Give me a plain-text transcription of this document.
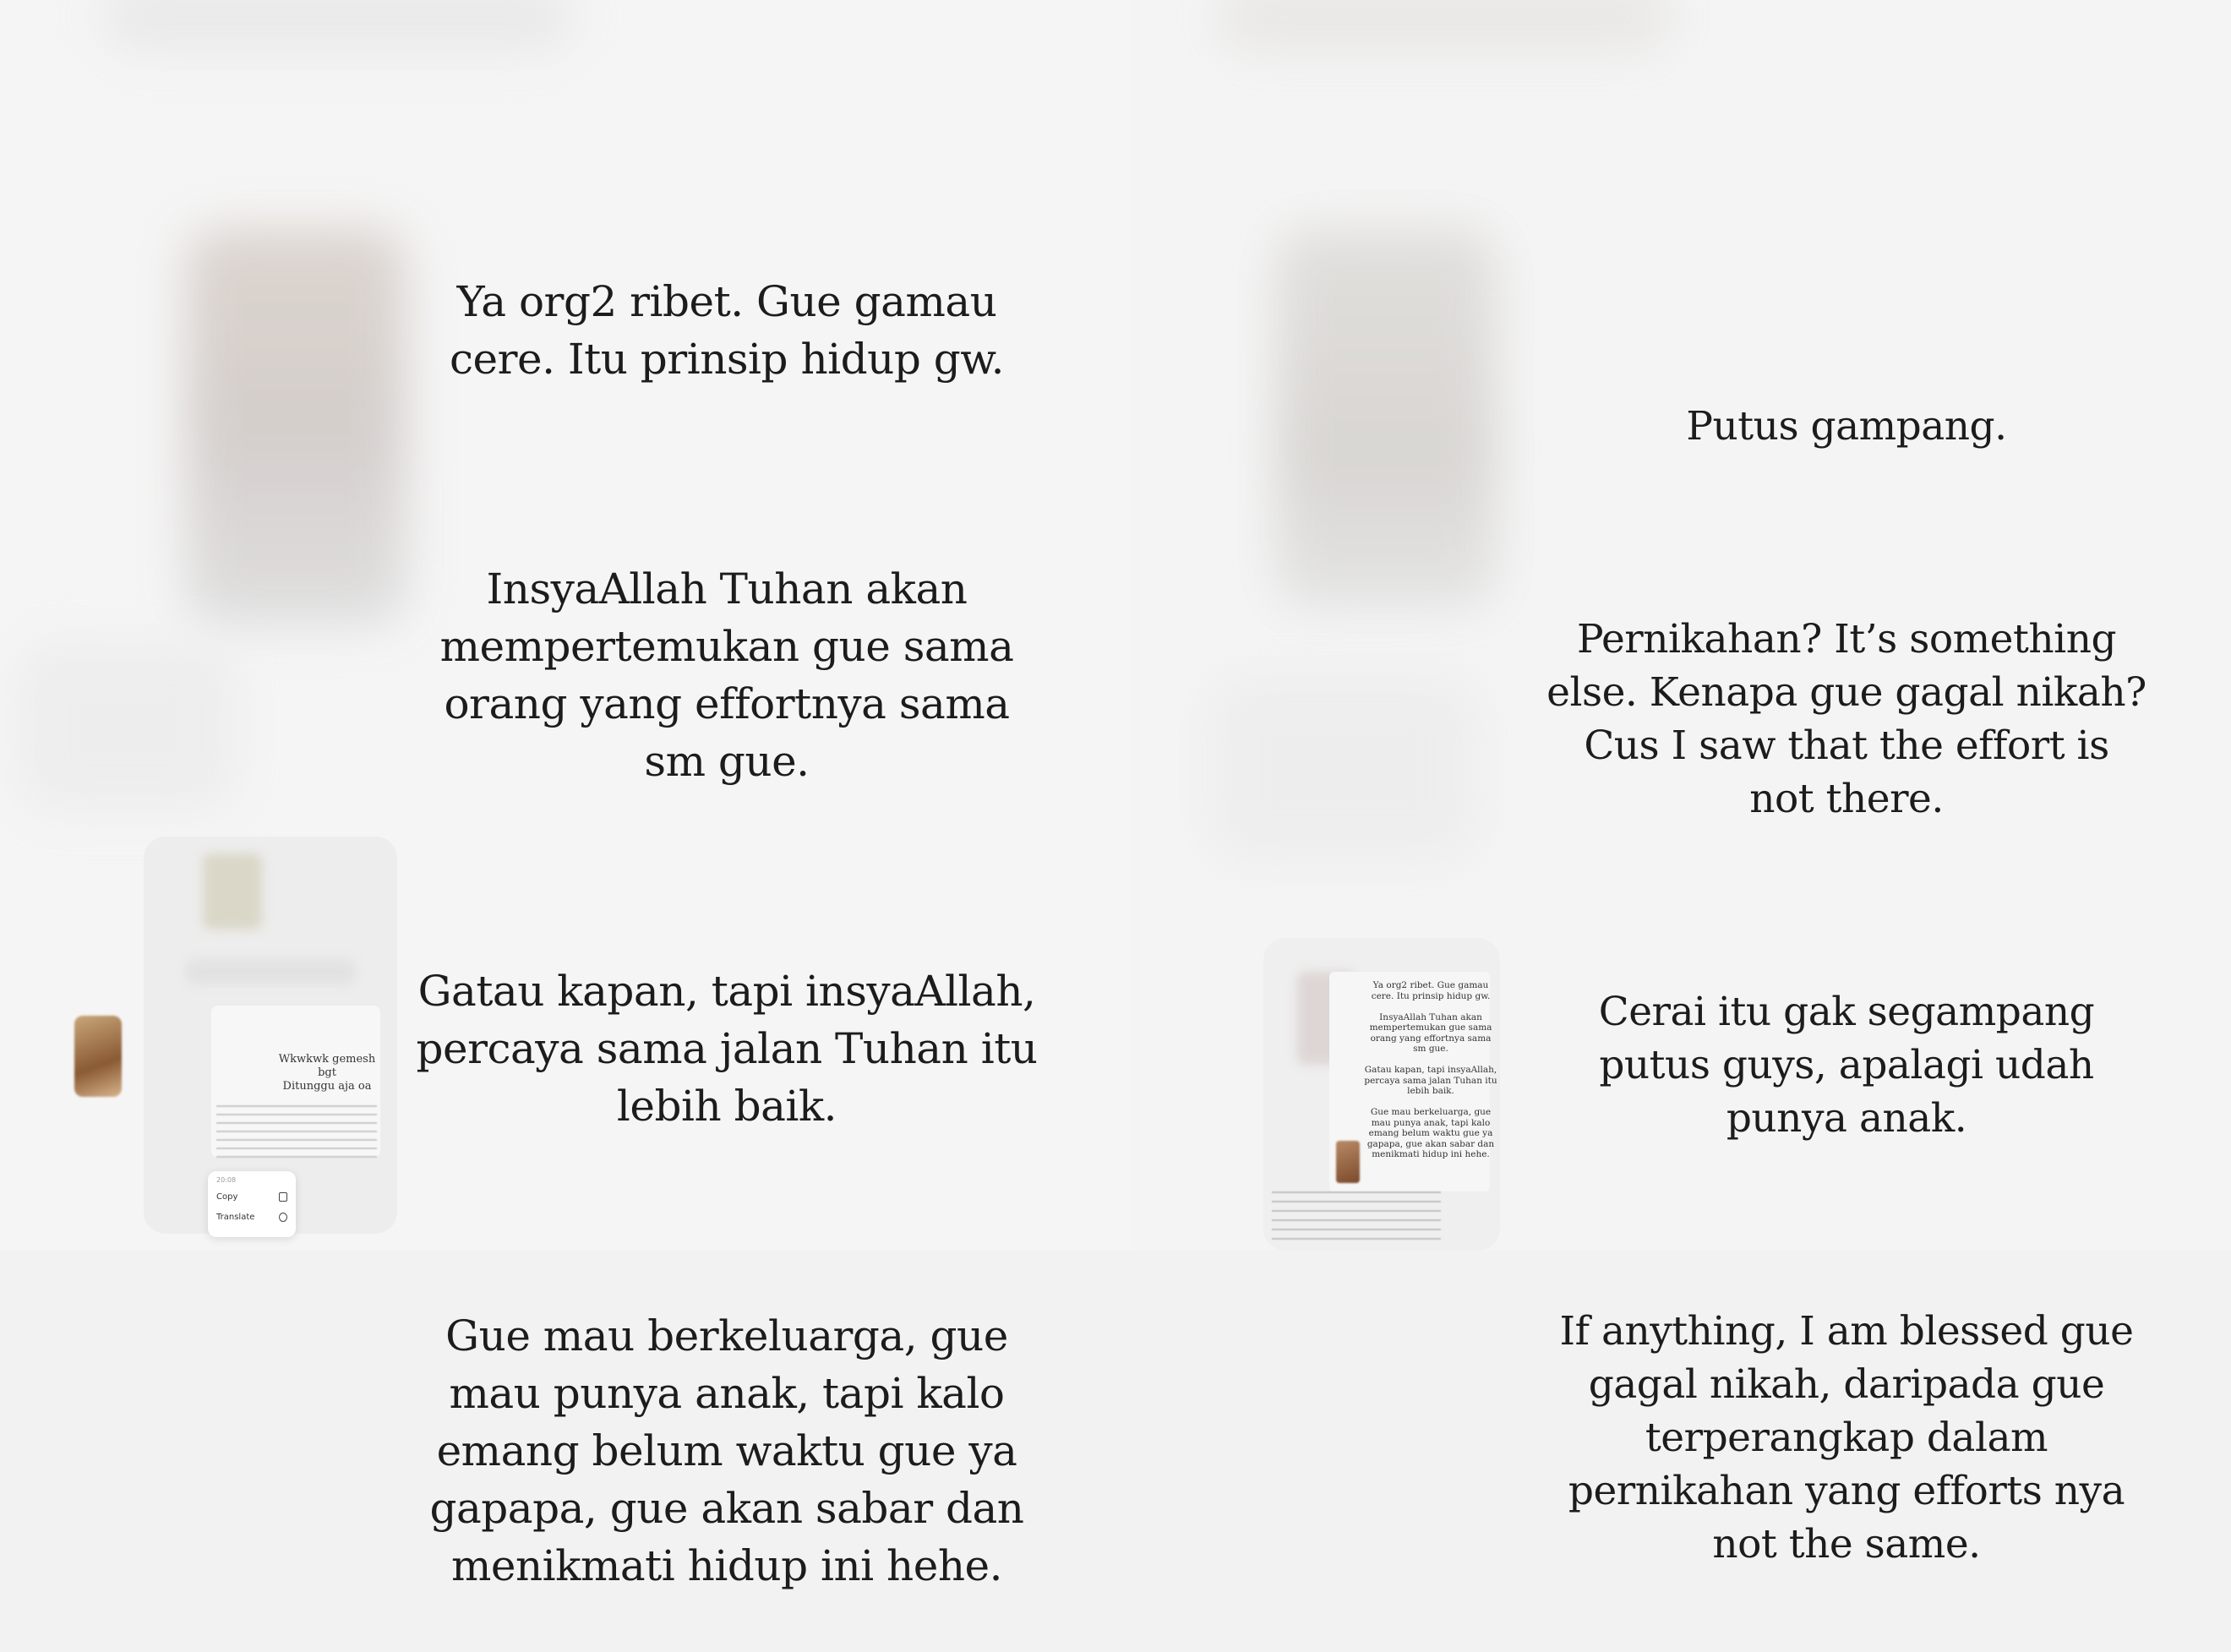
Ya org2 ribet. Gue gamau
cere. Itu prinsip hidup gw.

InsyaAllah Tuhan akan
mempertemukan gue sama
orang yang effortnya sama
sm gue.

Gatau kapan, tapi insyaAllah,
percaya sama jalan Tuhan itu
lebih baik.

Gue mau berkeluarga, gue
mau punya anak, tapi kalo
emang belum waktu gue ya
gapapa, gue akan sabar dan
menikmati hidup ini hehe.

Putus gampang.

Pernikahan? It’s something
else. Kenapa gue gagal nikah?
Cus I saw that the effort is
not there.

Cerai itu gak segampang
putus guys, apalagi udah
punya anak.

If anything, I am blessed gue
gagal nikah, daripada gue
terperangkap dalam
pernikahan yang efforts nya
not the same.

Wkwkwk gemesh bgt
Ditunggu aja oa
20:08
Copy
Translate
Ya org2 ribet. Gue gamau
cere. Itu prinsip hidup gw.

InsyaAllah Tuhan akan
mempertemukan gue sama
orang yang effortnya sama
sm gue.

Gatau kapan, tapi insyaAllah,
percaya sama jalan Tuhan itu
lebih baik.

Gue mau berkeluarga, gue
mau punya anak, tapi kalo
emang belum waktu gue ya
gapapa, gue akan sabar dan
menikmati hidup ini hehe.
